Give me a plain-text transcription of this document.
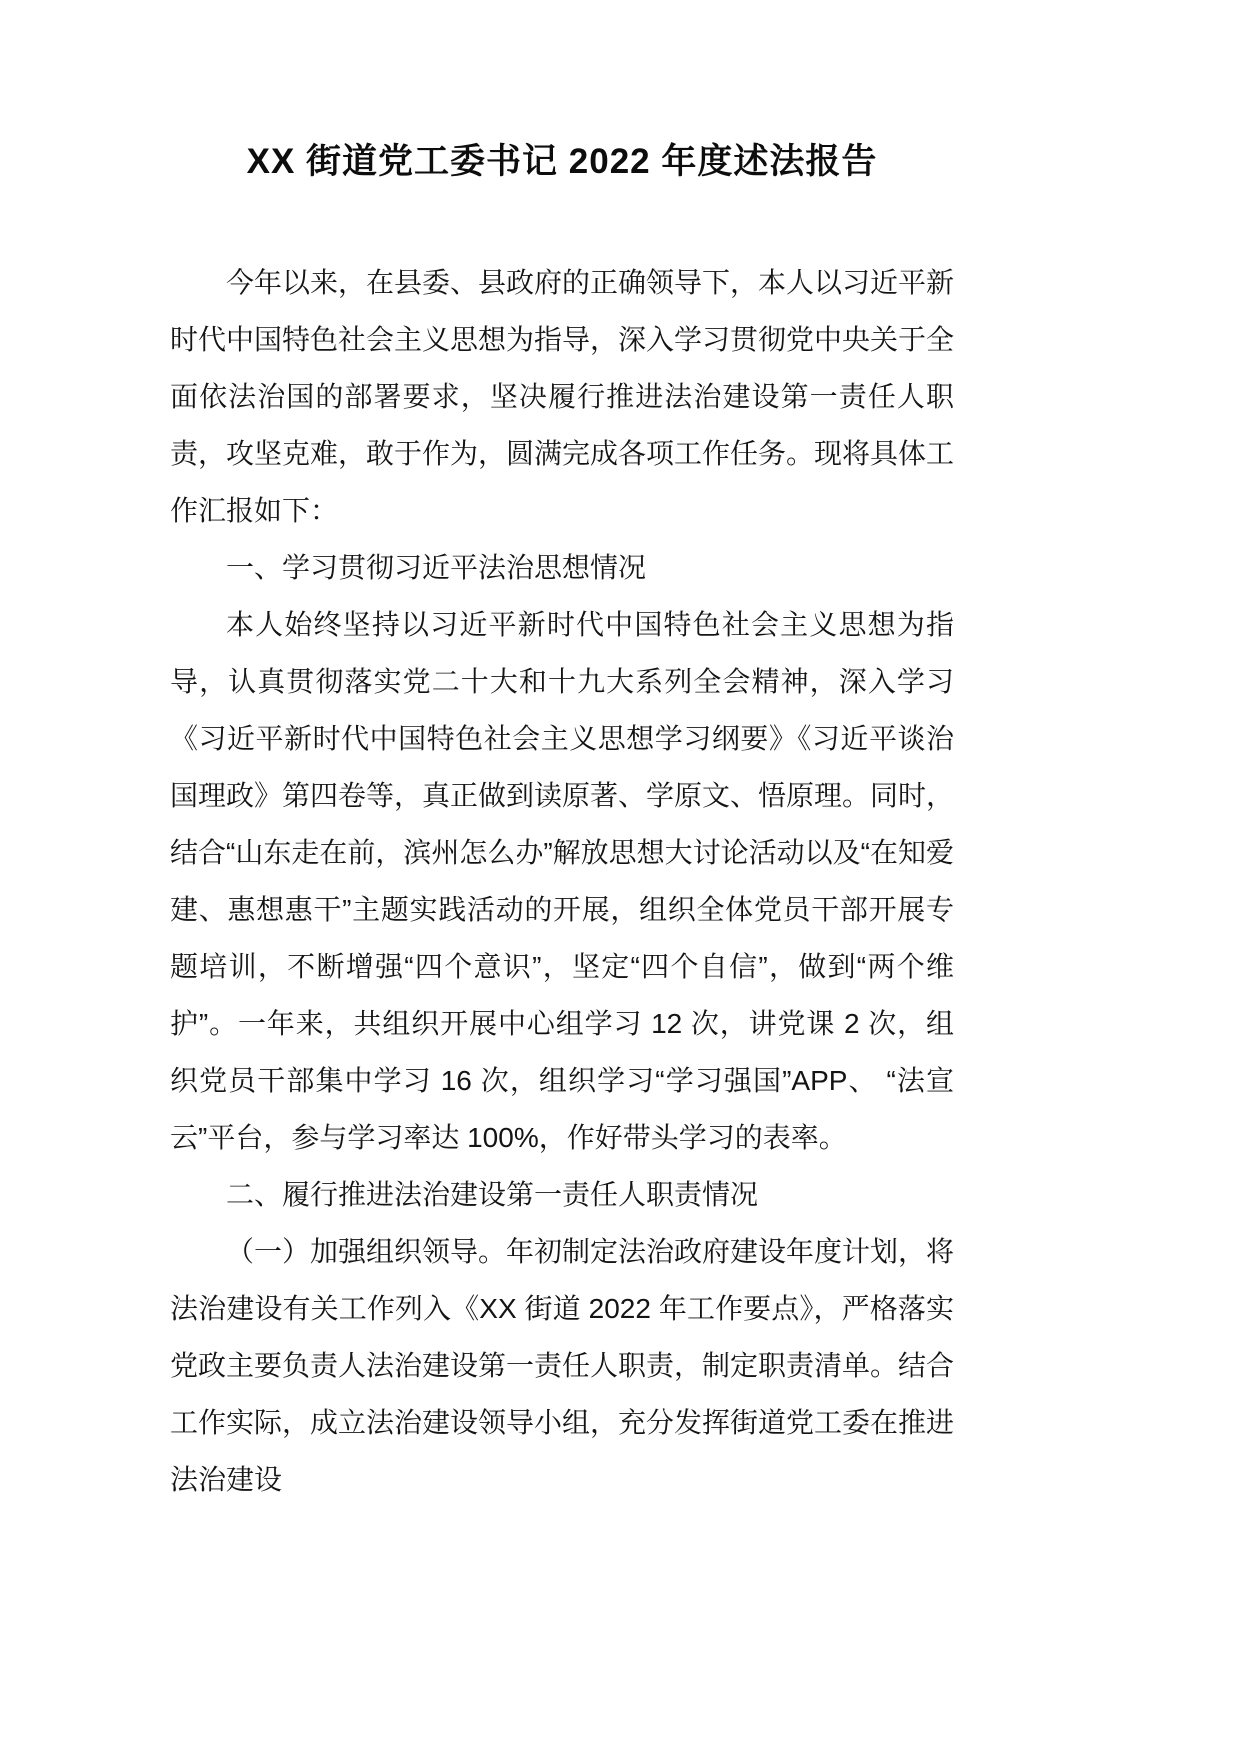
XX 街道党工委书记 2022 年度述法报告

今年以来，在县委、县政府的正确领导下，本人以习近平新时代中国特色社会主义思想为指导，深入学习贯彻党中央关于全面依法治国的部署要求，坚决履行推进法治建设第一责任人职责，攻坚克难，敢于作为，圆满完成各项工作任务。现将具体工作汇报如下：

一、学习贯彻习近平法治思想情况

本人始终坚持以习近平新时代中国特色社会主义思想为指导，认真贯彻落实党二十大和十九大系列全会精神，深入学习《习近平新时代中国特色社会主义思想学习纲要》《习近平谈治国理政》第四卷等，真正做到读原著、学原文、悟原理。同时，结合“山东走在前，滨州怎么办”解放思想大讨论活动以及“在知爱建、惠想惠干”主题实践活动的开展，组织全体党员干部开展专题培训，不断增强“四个意识”，坚定“四个自信”，做到“两个维护”。一年来，共组织开展中心组学习 12 次，讲党课 2 次，组织党员干部集中学习 16 次，组织学习“学习强国”APP、 “法宣云”平台，参与学习率达 100%，作好带头学习的表率。

二、履行推进法治建设第一责任人职责情况

（一）加强组织领导。年初制定法治政府建设年度计划，将法治建设有关工作列入《XX 街道 2022 年工作要点》，严格落实党政主要负责人法治建设第一责任人职责，制定职责清单。结合工作实际，成立法治建设领导小组，充分发挥街道党工委在推进法治建设
